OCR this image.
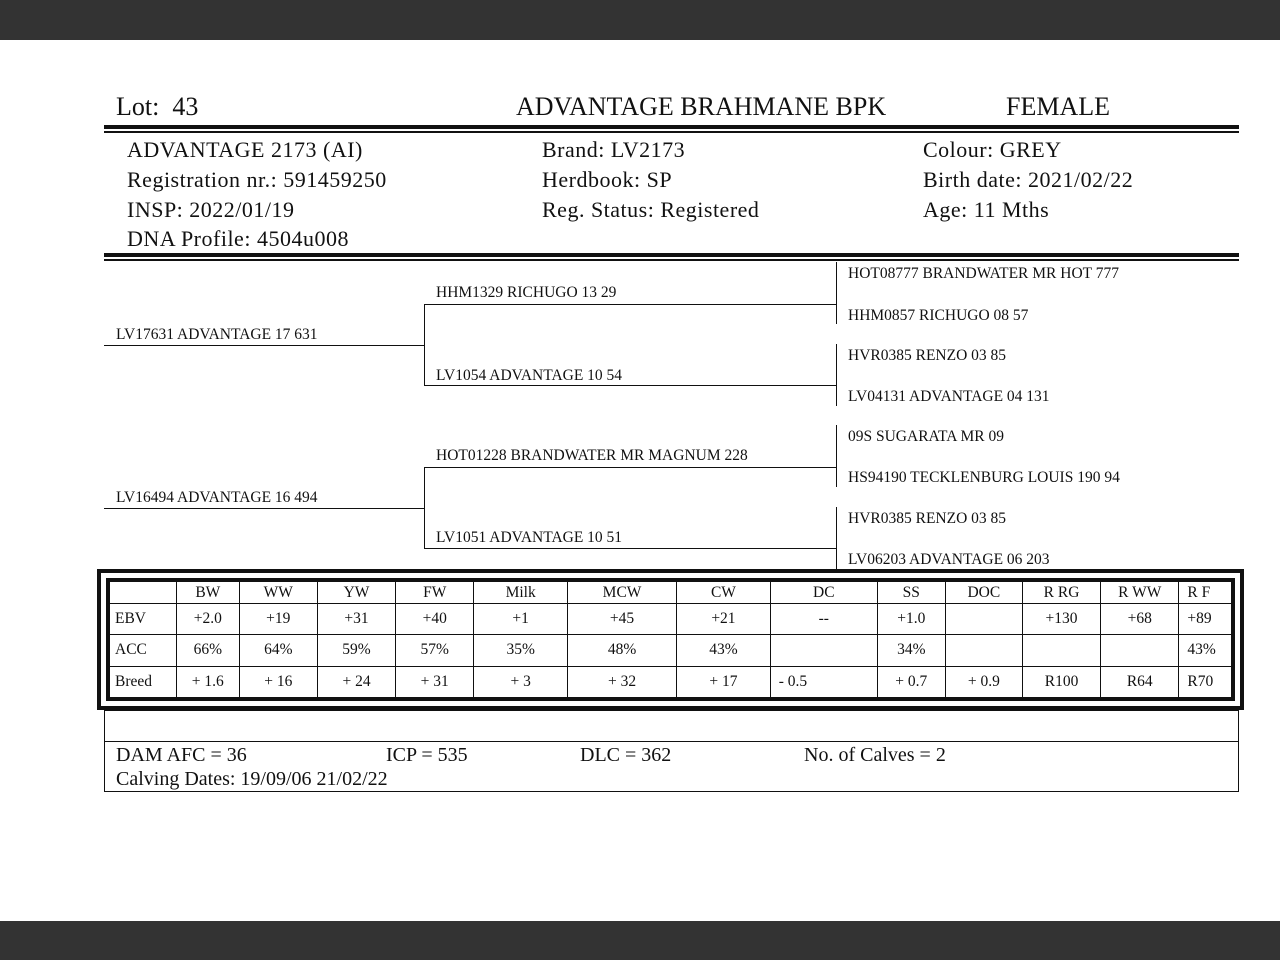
Lot: 43	ADVANTAGE BRAHMANE BPK	FEMALE
ADVANTAGE 2173 (AI)
Registration nr.: 591459250
INSP: 2022/01/19
DNA Profile: 4504u008
Brand: LV2173
Herdbook: SP
Reg. Status: Registered
Colour: GREY
Birth date: 2021/02/22
Age: 11 Mths
LV17631 ADVANTAGE 17 631
LV16494 ADVANTAGE 16 494
HHM1329 RICHUGO 13 29
LV1054 ADVANTAGE 10 54
HOT01228 BRANDWATER MR MAGNUM 228
LV1051 ADVANTAGE 10 51
HOT08777 BRANDWATER MR HOT 777
HHM0857 RICHUGO 08 57
HVR0385 RENZO 03 85
LV04131 ADVANTAGE 04 131
09S SUGARATA MR 09
HS94190 TECKLENBURG LOUIS 190 94
HVR0385 RENZO 03 85
LV06203 ADVANTAGE 06 203
	BW	WW	YW	FW	Milk	MCW	CW	DC	SS	DOC	R RG	R WW	R F
EBV	+2.0	+19	+31	+40	+1	+45	+21	--	+1.0		+130	+68	+89
ACC	66%	64%	59%	57%	35%	48%	43%		34%				43%
Breed	+ 1.6	+ 16	+ 24	+ 31	+ 3	+ 32	+ 17	- 0.5	+ 0.7	+ 0.9	R100	R64	R70
DAM AFC = 36	ICP = 535	DLC = 362	No. of Calves = 2
Calving Dates: 19/09/06 21/02/22
